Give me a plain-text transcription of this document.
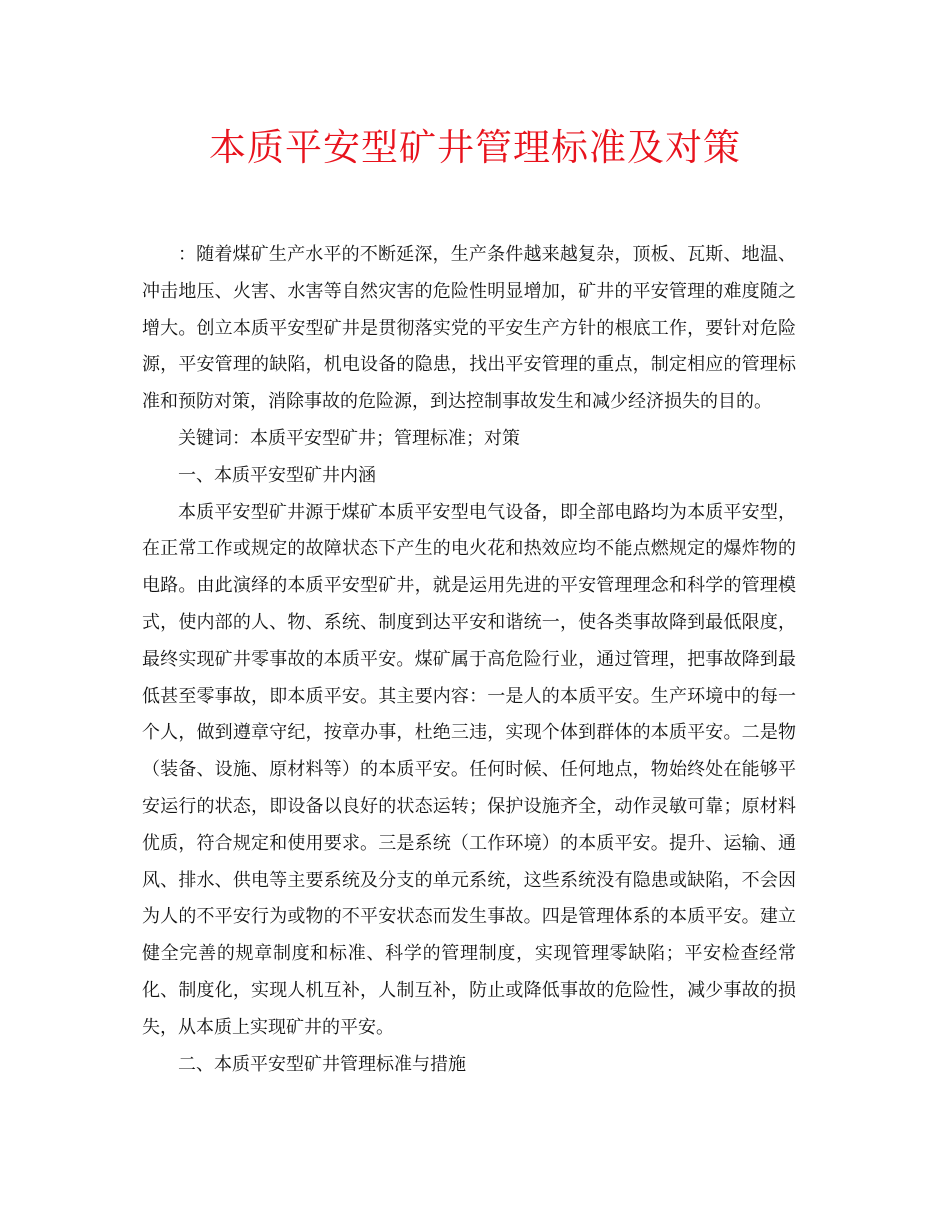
本质平安型矿井管理标准及对策

：随着煤矿生产水平的不断延深，生产条件越来越复杂，顶板、瓦斯、地温、冲击地压、火害、水害等自然灾害的危险性明显增加，矿井的平安管理的难度随之增大。创立本质平安型矿井是贯彻落实党的平安生产方针的根底工作，要针对危险源，平安管理的缺陷，机电设备的隐患，找出平安管理的重点，制定相应的管理标准和预防对策，消除事故的危险源，到达控制事故发生和减少经济损失的目的。

关键词：本质平安型矿井；管理标准；对策

一、本质平安型矿井内涵

本质平安型矿井源于煤矿本质平安型电气设备，即全部电路均为本质平安型，在正常工作或规定的故障状态下产生的电火花和热效应均不能点燃规定的爆炸物的电路。由此演绎的本质平安型矿井，就是运用先进的平安管理理念和科学的管理模式，使内部的人、物、系统、制度到达平安和谐统一，使各类事故降到最低限度，最终实现矿井零事故的本质平安。煤矿属于高危险行业，通过管理，把事故降到最低甚至零事故，即本质平安。其主要内容：一是人的本质平安。生产环境中的每一个人，做到遵章守纪，按章办事，杜绝三违，实现个体到群体的本质平安。二是物（装备、设施、原材料等）的本质平安。任何时候、任何地点，物始终处在能够平安运行的状态，即设备以良好的状态运转；保护设施齐全，动作灵敏可靠；原材料优质，符合规定和使用要求。三是系统（工作环境）的本质平安。提升、运输、通风、排水、供电等主要系统及分支的单元系统，这些系统没有隐患或缺陷，不会因为人的不平安行为或物的不平安状态而发生事故。四是管理体系的本质平安。建立健全完善的规章制度和标准、科学的管理制度，实现管理零缺陷；平安检查经常化、制度化，实现人机互补，人制互补，防止或降低事故的危险性，减少事故的损失，从本质上实现矿井的平安。

二、本质平安型矿井管理标准与措施
